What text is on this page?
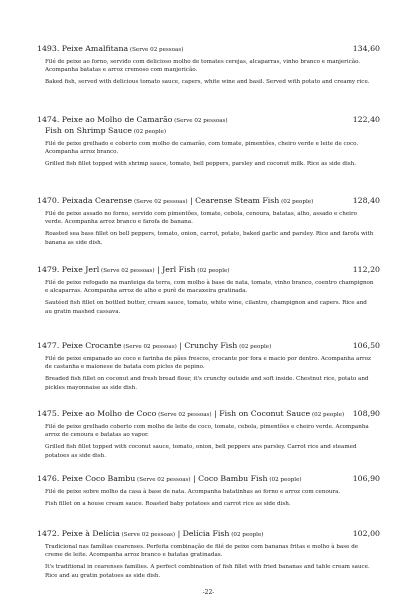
1493. Peixe Amalfitana (Serve 02 pessoas)	134,60
Filé de peixe ao forno, servido com delicioso molho de tomates cerejas, alcaparras, vinho branco e manjericão. Acompanha batatas e arroz cremoso com manjericão.
Baked fish, served with delicious tomato sauce, capers, white wine and basil. Served with potato and creamy rice.
1474. Peixe ao Molho de Camarão (Serve 02 pessoas)	122,40
Fish on Shrimp Sauce (02 people)
Filé de peixe grelhado e coberto com molho de camarão, com tomate, pimentões, cheiro verde e leite de coco. Acompanha arroz branco.
Grilled fish fillet topped with shrimp sauce, tomato, bell peppers, parsley and coconut milk. Rice as side dish.
1470. Peixada Cearense (Serve 02 pessoas) | Cearense Steam Fish (02 people)	128,40
Filé de peixe assado no forno, servido com pimentões, tomate, cebola, cenoura, batatas, alho, assado e cheiro verde. Acompanha arroz branco e farofa de banana.
Roasted sea bass fillet on bell peppers, tomato, onion, carrot, potato, baked garlic and parsley. Rice and farofa with banana as side dish.
1479. Peixe Jerl (Serve 02 pessoas) | Jerl Fish (02 people)	112,20
Filé de peixe refogado na manteiga da terra, com molho à base de nata, tomate, vinho branco, coentro champignon e alcaparras. Acompanha arroz de alho e purê de macaxeira gratinada.
Sautéed fish fillet on bottled butter, cream sauce, tomato, white wine, cilantro, champignon and capers. Rice and au gratin mashed cassava.
1477. Peixe Crocante (Serve 02 pessoas) | Crunchy Fish (02 people)	106,50
Filé de peixe empanado ao coco e farinha de pães frescos, crocante por fora e macio por dentro. Acompanha arroz de castanha e maionese de batata com picles de pepino.
Breaded fish fillet on coconut and fresh bread flour, it's crunchy outside and soft inside. Chestnut rice, potato and pickles mayonnaise as side dish.
1475. Peixe ao Molho de Coco (Serve 02 pessoas) | Fish on Coconut Sauce (02 people) 108,90
Filé de peixe grelhado coberto com molho de leite de coco, tomate, cebola, pimentões e cheiro verde. Acompanha arroz de cenoura e batatas ao vapor.
Grilled fish fillet topped with coconut sauce, tomato, onion, bell peppers ans parsley. Carrot rice and steamed potatoes as side dish.
1476. Peixe Coco Bambu (Serve 02 pessoas) | Coco Bambu Fish (02 people)	106,90
Filé de peixe sobre molho da casa à base de nata. Acompanha batatinhas ao forno e arroz com cenoura.
Fish fillet on a house cream sauce. Roasted baby potatoes and carrot rice as side dish.
1472. Peixe à Delícia (Serve 02 pessoas) | Delícia Fish (02 people)	102,00
Tradicional nas famílias cearenses. Perfeita combinação de filé de peixe com bananas fritas e molho à base de creme de leite. Acompanha arroz branco e batatas gratinadas.
It's traditional in cearenses families. A perfect combination of fish fillet with fried bananas and table cream sauce. Rice and au gratin potatoes as side dish.
-22-
